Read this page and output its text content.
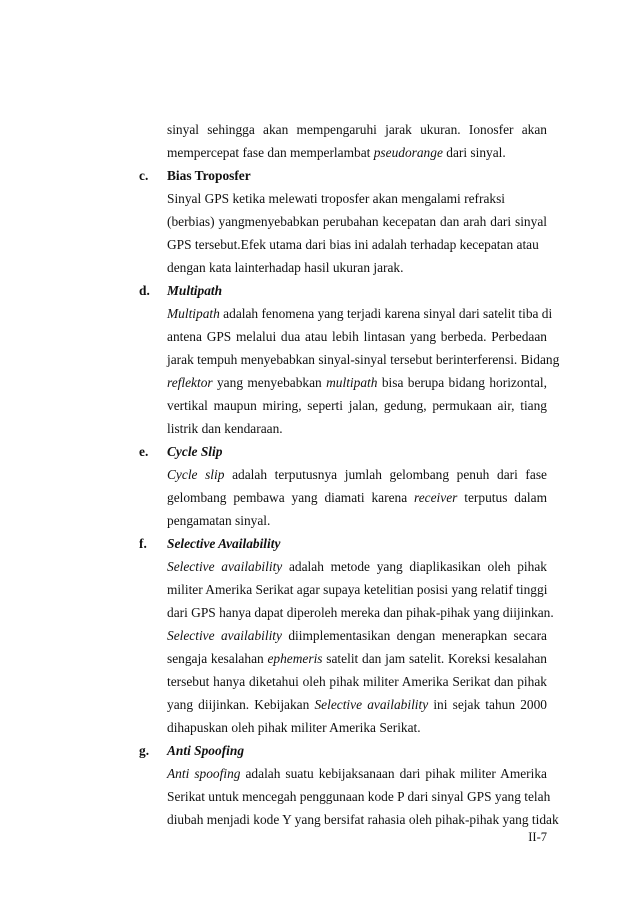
sinyal sehingga akan mempengaruhi jarak ukuran. Ionosfer akan
mempercepat fase dan memperlambat pseudorange dari sinyal.
c. Bias Troposfer
Sinyal GPS ketika melewati troposfer akan mengalami refraksi
(berbias) yangmenyebabkan perubahan kecepatan dan arah dari sinyal
GPS tersebut.Efek utama dari bias ini adalah terhadap kecepatan atau
dengan kata lainterhadap hasil ukuran jarak.
d. Multipath
Multipath adalah fenomena yang terjadi karena sinyal dari satelit tiba di
antena GPS melalui dua atau lebih lintasan yang berbeda. Perbedaan
jarak tempuh menyebabkan sinyal-sinyal tersebut berinterferensi. Bidang
reflektor yang menyebabkan multipath bisa berupa bidang horizontal,
vertikal maupun miring, seperti jalan, gedung, permukaan air, tiang
listrik dan kendaraan.
e. Cycle Slip
Cycle slip adalah terputusnya jumlah gelombang penuh dari fase
gelombang pembawa yang diamati karena receiver terputus dalam
pengamatan sinyal.
f. Selective Availability
Selective availability adalah metode yang diaplikasikan oleh pihak
militer Amerika Serikat agar supaya ketelitian posisi yang relatif tinggi
dari GPS hanya dapat diperoleh mereka dan pihak-pihak yang diijinkan.
Selective availability diimplementasikan dengan menerapkan secara
sengaja kesalahan ephemeris satelit dan jam satelit. Koreksi kesalahan
tersebut hanya diketahui oleh pihak militer Amerika Serikat dan pihak
yang diijinkan. Kebijakan Selective availability ini sejak tahun 2000
dihapuskan oleh pihak militer Amerika Serikat.
g. Anti Spoofing
Anti spoofing adalah suatu kebijaksanaan dari pihak militer Amerika
Serikat untuk mencegah penggunaan kode P dari sinyal GPS yang telah
diubah menjadi kode Y yang bersifat rahasia oleh pihak-pihak yang tidak
II-7
